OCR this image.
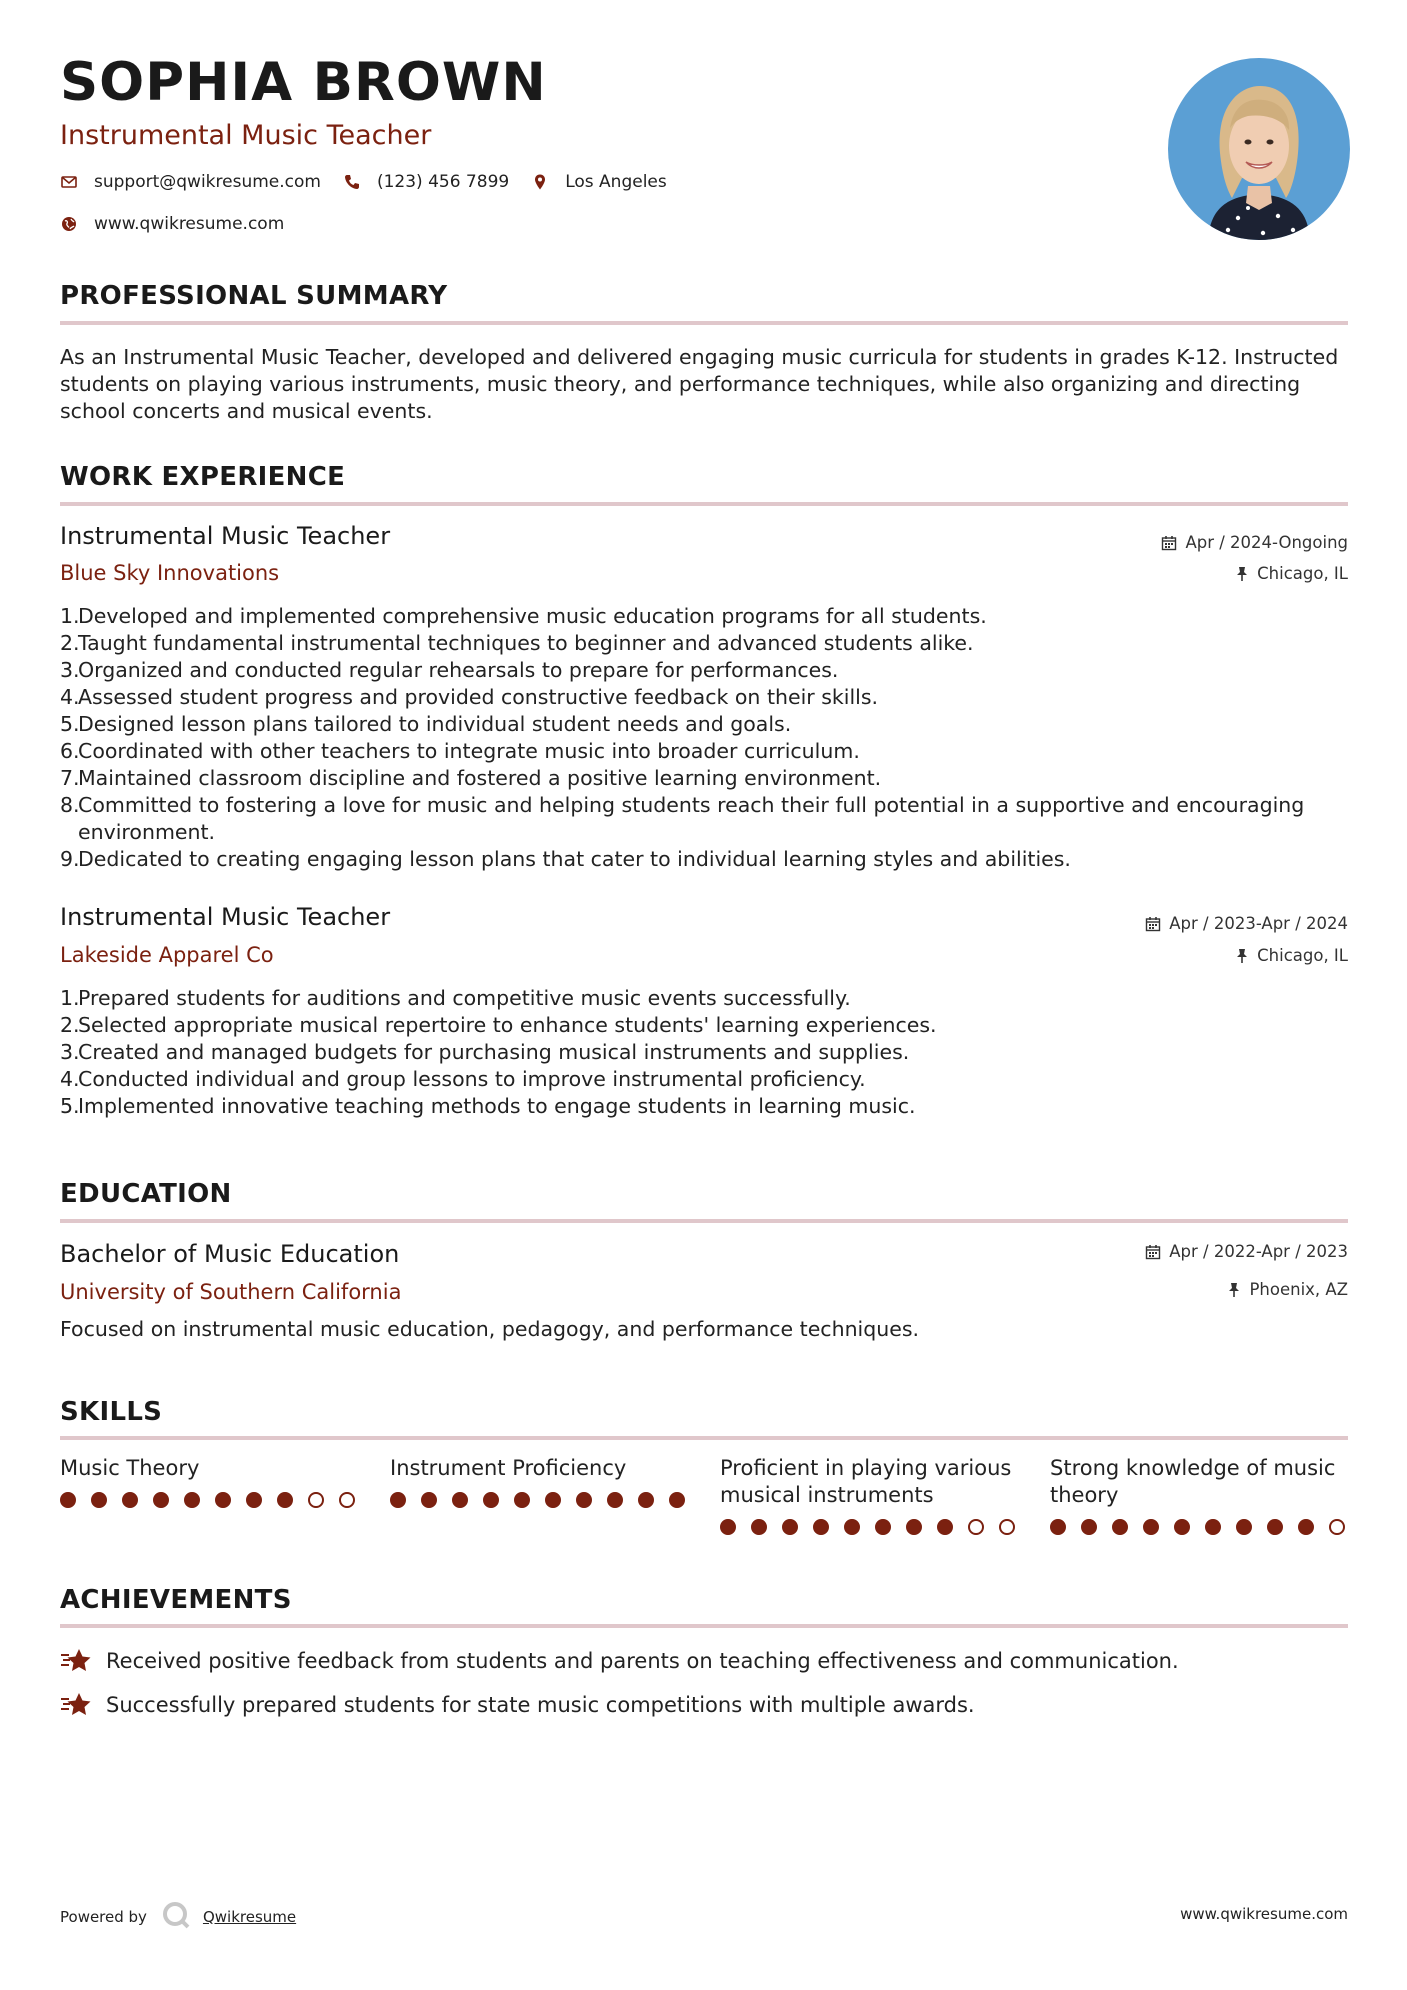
SOPHIA BROWN
Instrumental Music Teacher
support@qwikresume.com	(123) 456 7899	Los Angeles
www.qwikresume.com
PROFESSIONAL SUMMARY
As an Instrumental Music Teacher, developed and delivered engaging music curricula for students in grades K-12. Instructed students on playing various instruments, music theory, and performance techniques, while also organizing and directing school concerts and musical events.
WORK EXPERIENCE
Instrumental Music Teacher
Blue Sky Innovations
Apr / 2024-Ongoing
Chicago, IL
1.
Developed and implemented comprehensive music education programs for all students.
2.
Taught fundamental instrumental techniques to beginner and advanced students alike.
3.
Organized and conducted regular rehearsals to prepare for performances.
4.
Assessed student progress and provided constructive feedback on their skills.
5.
Designed lesson plans tailored to individual student needs and goals.
6.
Coordinated with other teachers to integrate music into broader curriculum.
7.
Maintained classroom discipline and fostered a positive learning environment.
8.
Committed to fostering a love for music and helping students reach their full potential in a supportive and encouraging environment.
9.
Dedicated to creating engaging lesson plans that cater to individual learning styles and abilities.
Instrumental Music Teacher
Lakeside Apparel Co
Apr / 2023-Apr / 2024
Chicago, IL
1.
Prepared students for auditions and competitive music events successfully.
2.
Selected appropriate musical repertoire to enhance students' learning experiences.
3.
Created and managed budgets for purchasing musical instruments and supplies.
4.
Conducted individual and group lessons to improve instrumental proficiency.
5.
Implemented innovative teaching methods to engage students in learning music.
EDUCATION
Bachelor of Music Education
University of Southern California
Apr / 2022-Apr / 2023
Phoenix, AZ
Focused on instrumental music education, pedagogy, and performance techniques.
SKILLS
Music Theory	Instrument Proficiency	Proficient in playing various musical instruments
Strong knowledge of music theory
ACHIEVEMENTS
Received positive feedback from students and parents on teaching effectiveness and communication.
Successfully prepared students for state music competitions with multiple awards.
Powered by	Qwikresume	www.qwikresume.com
